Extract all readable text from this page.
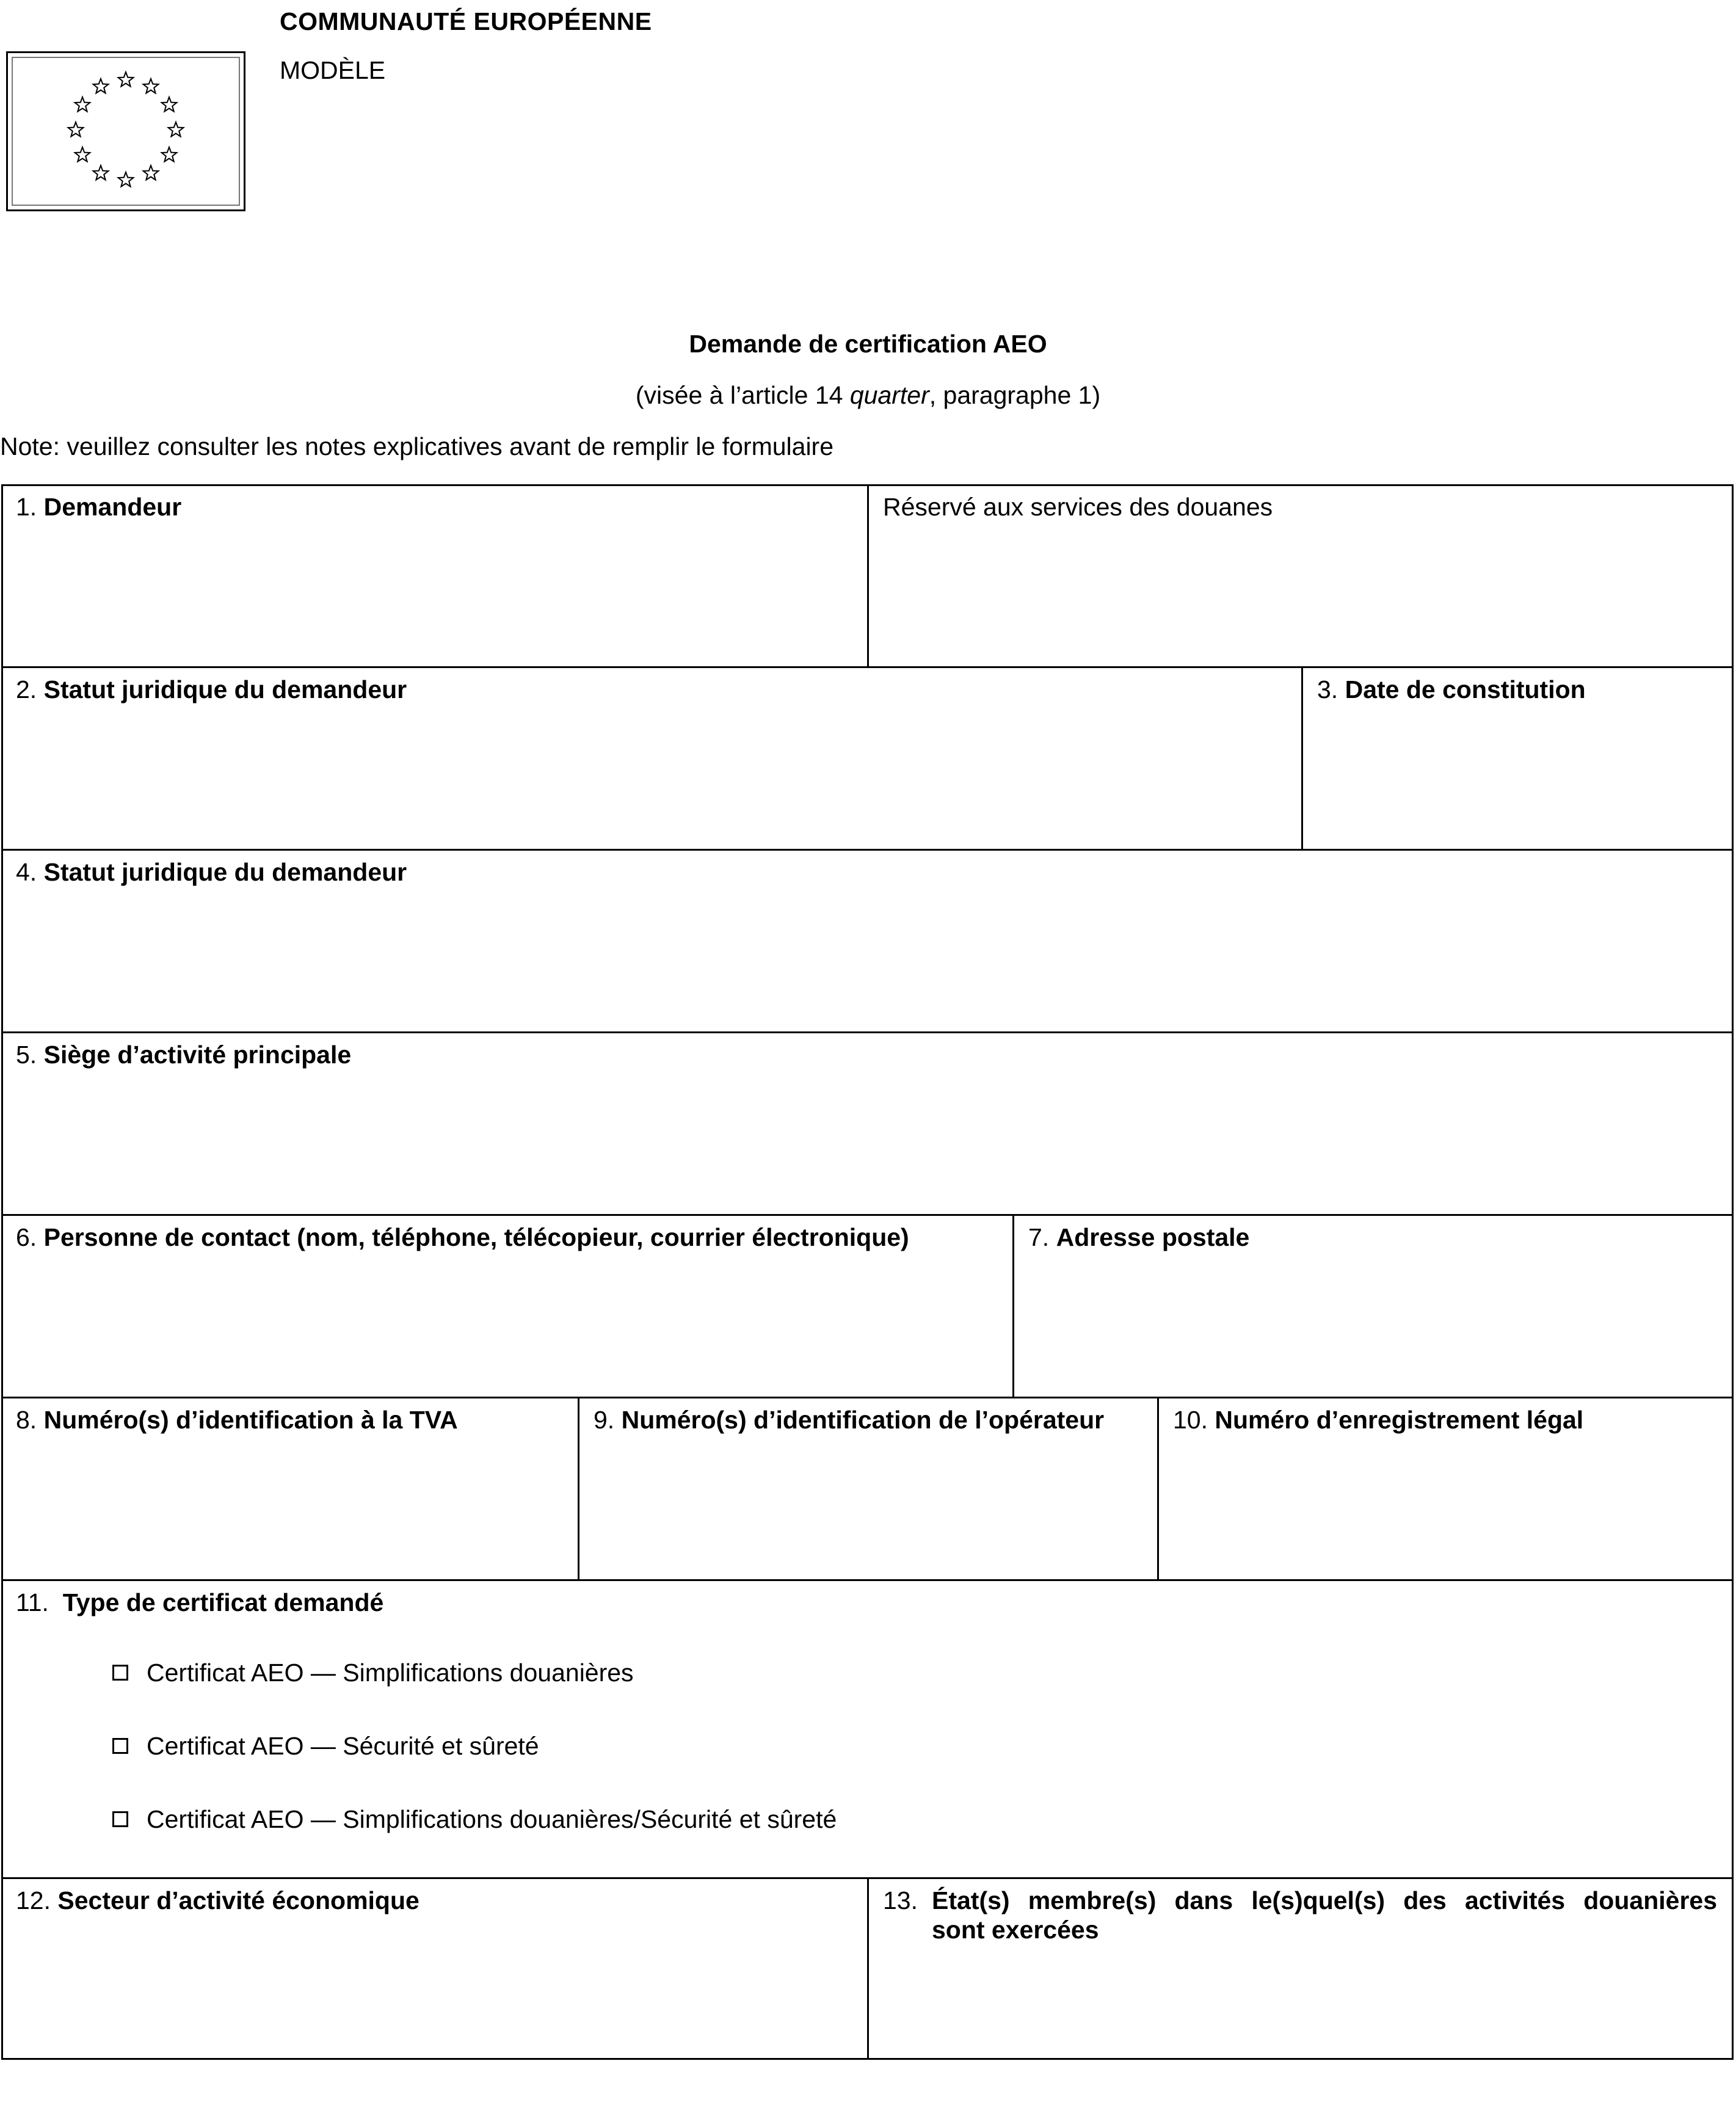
COMMUNAUTÉ EUROPÉENNE
MODÈLE
Demande de certification AEO
(visée à l’article 14 quarter, paragraphe 1)
Note: veuillez consulter les notes explicatives avant de remplir le formulaire
1. Demandeur	Réservé aux services des douanes
2. Statut juridique du demandeur	3. Date de constitution
4. Statut juridique du demandeur
5. Siège d’activité principale
6. Personne de contact (nom, téléphone, télécopieur, courrier électronique)	7. Adresse postale
8. Numéro(s) d’identification à la TVA	9. Numéro(s) d’identification de l’opérateur	10. Numéro d’enregistrement légal
11. Type de certificat demandé
Certificat AEO — Simplifications douanières
Certificat AEO — Sécurité et sûreté
Certificat AEO — Simplifications douanières/Sécurité et sûreté
12. Secteur d’activité économique	13. État(s) membre(s) dans le(s)quel(s) des activités douanières
sont exercées
